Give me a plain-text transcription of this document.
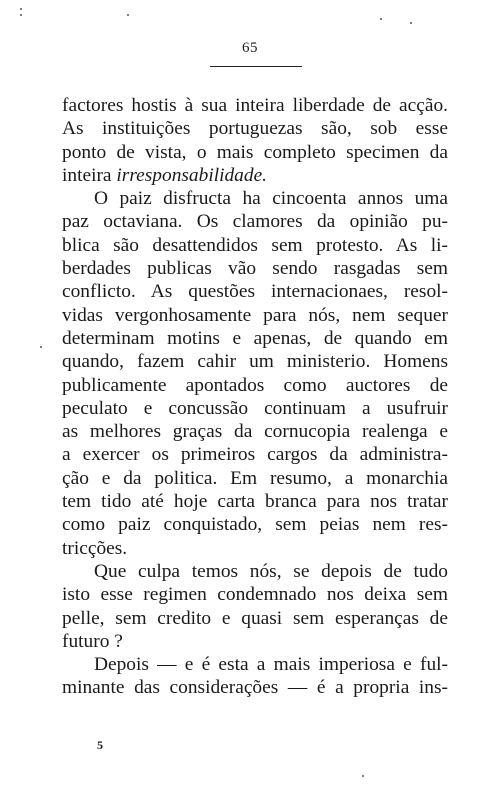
65
factores hostis à sua inteira liberdade de acção.
As instituições portuguezas são, sob esse
ponto de vista, o mais completo specimen da
inteira irresponsabilidade.
O paiz disfructa ha cincoenta annos uma
paz octaviana. Os clamores da opinião pu-
blica são desattendidos sem protesto. As li-
berdades publicas vão sendo rasgadas sem
conflicto. As questões internacionaes, resol-
vidas vergonhosamente para nós, nem sequer
determinam motins e apenas, de quando em
quando, fazem cahir um ministerio. Homens
publicamente apontados como auctores de
peculato e concussão continuam a usufruir
as melhores graças da cornucopia realenga e
a exercer os primeiros cargos da administra-
ção e da politica. Em resumo, a monarchia
tem tido até hoje carta branca para nos tratar
como paiz conquistado, sem peias nem res-
tricções.
Que culpa temos nós, se depois de tudo
isto esse regimen condemnado nos deixa sem
pelle, sem credito e quasi sem esperanças de
futuro ?
Depois — e é esta a mais imperiosa e ful-
minante das considerações — é a propria ins-
5
